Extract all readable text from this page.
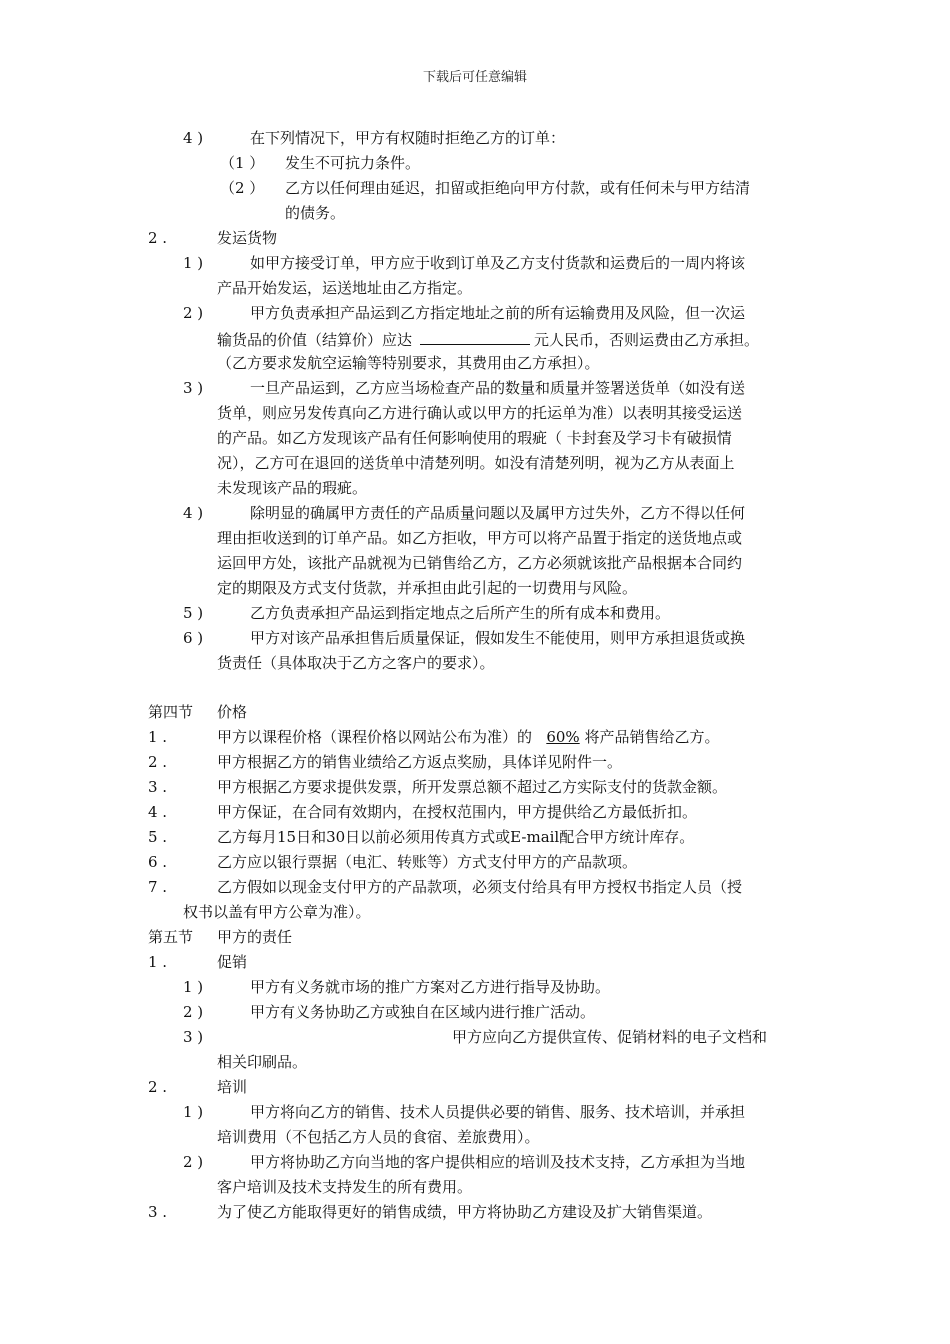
下载后可任意编辑
4 )	在下列情况下，甲方有权随时拒绝乙方的订单：
（1 ） 发生不可抗力条件。
（2 ） 乙方以任何理由延迟，扣留或拒绝向甲方付款，或有任何未与甲方结清
的债务。
2 .	发运货物
1 )	如甲方接受订单，甲方应于收到订单及乙方支付货款和运费后的一周内将该
产品开始发运，运送地址由乙方指定。
2 )	甲方负责承担产品运到乙方指定地址之前的所有运输费用及风险，但一次运
输货品的价值（结算价）应达	元人民币，否则运费由乙方承担。
（乙方要求发航空运输等特别要求，其费用由乙方承担）。
3 )	一旦产品运到，乙方应当场检查产品的数量和质量并签署送货单（如没有送
货单，则应另发传真向乙方进行确认或以甲方的托运单为准）以表明其接受运送
的产品。如乙方发现该产品有任何影响使用的瑕疵（ 卡封套及学习卡有破损情
况），乙方可在退回的送货单中清楚列明。如没有清楚列明，视为乙方从表面上
未发现该产品的瑕疵。
4 )	除明显的确属甲方责任的产品质量问题以及属甲方过失外，乙方不得以任何
理由拒收送到的订单产品。如乙方拒收，甲方可以将产品置于指定的送货地点或
运回甲方处，该批产品就视为已销售给乙方，乙方必须就该批产品根据本合同约
定的期限及方式支付货款，并承担由此引起的一切费用与风险。
5 )	乙方负责承担产品运到指定地点之后所产生的所有成本和费用。
6 )	甲方对该产品承担售后质量保证，假如发生不能使用，则甲方承担退货或换
货责任（具体取决于乙方之客户的要求）。
第四节 价格
1 .	甲方以课程价格（课程价格以网站公布为准）的 60% 将产品销售给乙方。
2 .	甲方根据乙方的销售业绩给乙方返点奖励，具体详见附件一。
3 .	甲方根据乙方要求提供发票，所开发票总额不超过乙方实际支付的货款金额。
4 .	甲方保证，在合同有效期内，在授权范围内，甲方提供给乙方最低折扣。
5 .	乙方每月15日和30日以前必须用传真方式或E-mail配合甲方统计库存。
6 .	乙方应以银行票据（电汇、转账等）方式支付甲方的产品款项。
7 .	乙方假如以现金支付甲方的产品款项，必须支付给具有甲方授权书指定人员（授
权书以盖有甲方公章为准）。
第五节 甲方的责任
1 .	促销
1 )	甲方有义务就市场的推广方案对乙方进行指导及协助。
2 )	甲方有义务协助乙方或独自在区域内进行推广活动。
3 )	甲方应向乙方提供宣传、促销材料的电子文档和
相关印刷品。
2 .	培训
1 )	甲方将向乙方的销售、技术人员提供必要的销售、服务、技术培训，并承担
培训费用（不包括乙方人员的食宿、差旅费用）。
2 )	甲方将协助乙方向当地的客户提供相应的培训及技术支持，乙方承担为当地
客户培训及技术支持发生的所有费用。
3 .	为了使乙方能取得更好的销售成绩，甲方将协助乙方建设及扩大销售渠道。
